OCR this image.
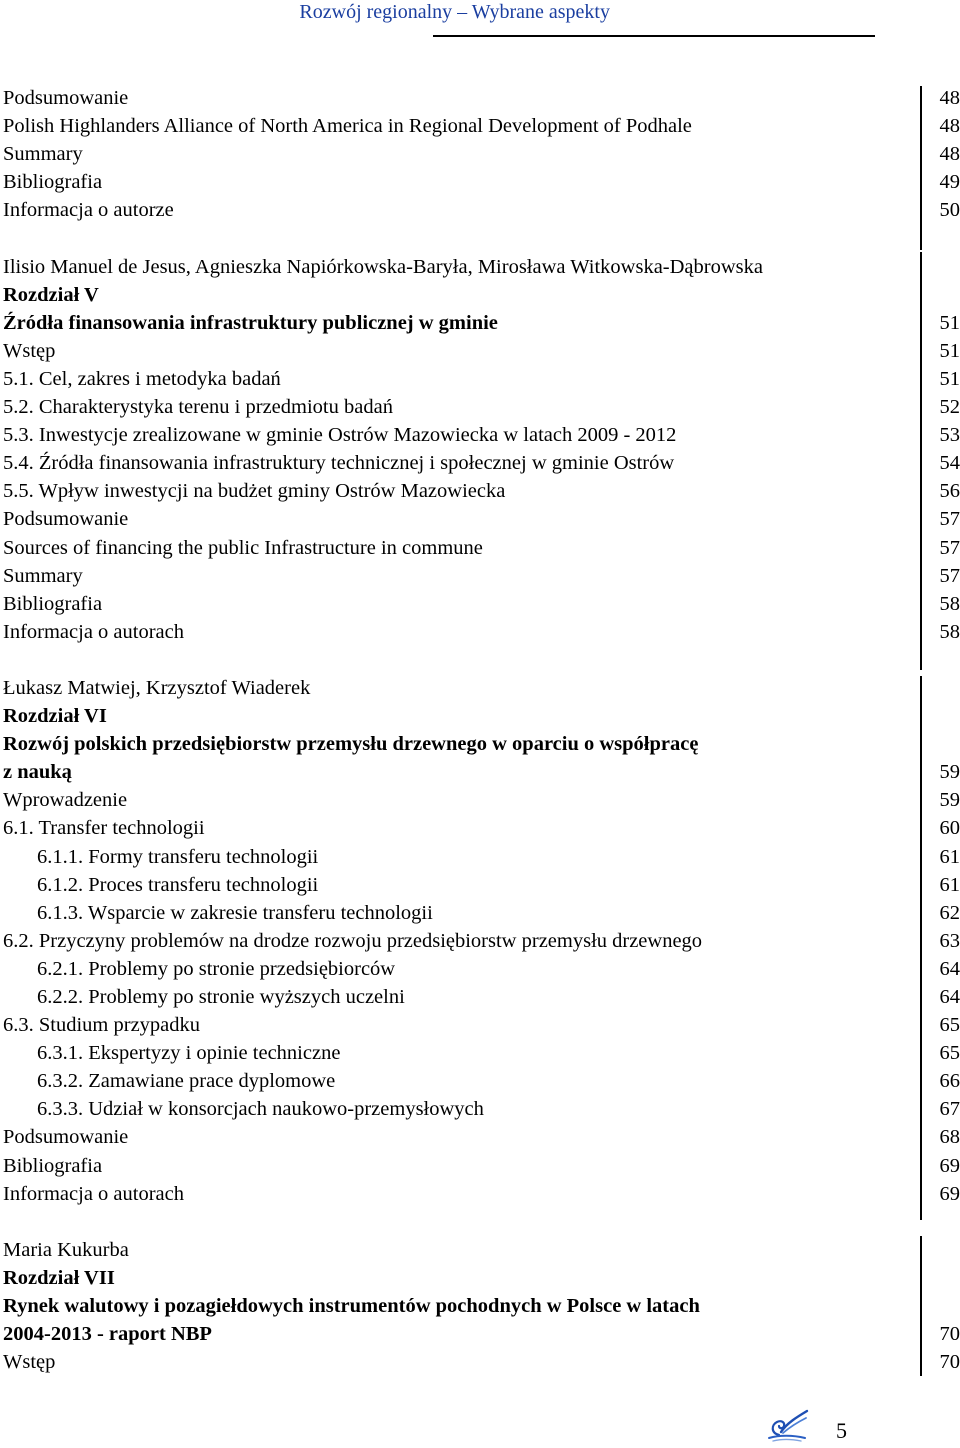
Rozwój regionalny – Wybrane aspekty
Podsumowanie	48
Polish Highlanders Alliance of North America in Regional Development of Podhale	48
Summary	48
Bibliografia	49
Informacja o autorze	50
Ilisio Manuel de Jesus, Agnieszka Napiórkowska-Baryła, Mirosława Witkowska-Dąbrowska
Rozdział V
Źródła finansowania infrastruktury publicznej w gminie	51
Wstęp	51
5.1. Cel, zakres i metodyka badań	51
5.2. Charakterystyka terenu i przedmiotu badań	52
5.3. Inwestycje zrealizowane w gminie Ostrów Mazowiecka w latach 2009 - 2012	53
5.4. Źródła finansowania infrastruktury technicznej i społecznej w gminie Ostrów	54
5.5. Wpływ inwestycji na budżet gminy Ostrów Mazowiecka	56
Podsumowanie	57
Sources of financing the public Infrastructure in commune	57
Summary	57
Bibliografia	58
Informacja o autorach	58
Łukasz Matwiej, Krzysztof Wiaderek
Rozdział VI
Rozwój polskich przedsiębiorstw przemysłu drzewnego w oparciu o współpracę
z nauką	59
Wprowadzenie	59
6.1. Transfer technologii	60
6.1.1. Formy transferu technologii	61
6.1.2. Proces transferu technologii	61
6.1.3. Wsparcie w zakresie transferu technologii	62
6.2. Przyczyny problemów na drodze rozwoju przedsiębiorstw przemysłu drzewnego	63
6.2.1. Problemy po stronie przedsiębiorców	64
6.2.2. Problemy po stronie wyższych uczelni	64
6.3. Studium przypadku	65
6.3.1. Ekspertyzy i opinie techniczne	65
6.3.2. Zamawiane prace dyplomowe	66
6.3.3. Udział w konsorcjach naukowo-przemysłowych	67
Podsumowanie	68
Bibliografia	69
Informacja o autorach	69
Maria Kukurba
Rozdział VII
Rynek walutowy i pozagiełdowych instrumentów pochodnych w Polsce w latach
2004-2013 - raport NBP	70
Wstęp	70
5
